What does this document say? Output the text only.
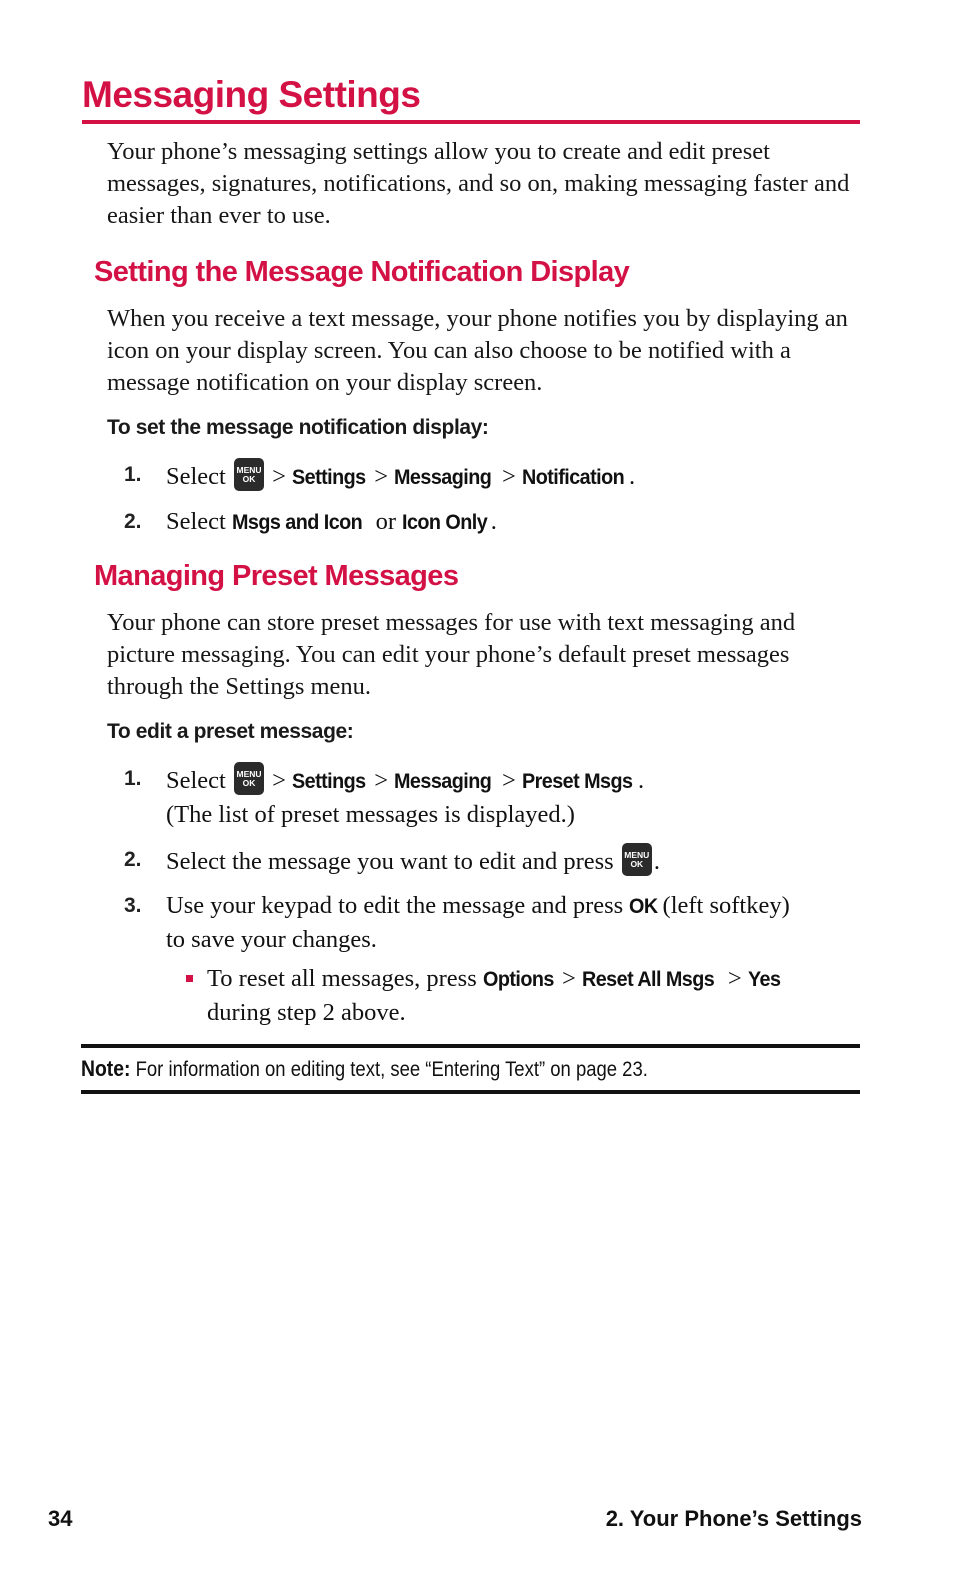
Messaging Settings

Your phone’s messaging settings allow you to create and edit preset messages, signatures, notifications, and so on, making messaging faster and easier than ever to use.

Setting the Message Notification Display

When you receive a text message, your phone notifies you by displaying an icon on your display screen. You can also choose to be notified with a message notification on your display screen.

To set the message notification display:

1. Select MENU
OK > Settings > Messaging > Notification .
2. Select Msgs and Icon or Icon Only .
Managing Preset Messages

Your phone can store preset messages for use with text messaging and picture messaging. You can edit your phone’s default preset messages through the Settings menu.

To edit a preset message:

1. Select MENU
OK > Settings > Messaging > Preset Msgs .
(The list of preset messages is displayed.)
2. Select the message you want to edit and press MENU
OK .
3. Use your keypad to edit the message and press OK (left softkey)
to save your changes.
To reset all messages, press Options > Reset All Msgs > Yes
during step 2 above.
Note: For information on editing text, see “Entering Text” on page 23.
34	2. Your Phone’s Settings
